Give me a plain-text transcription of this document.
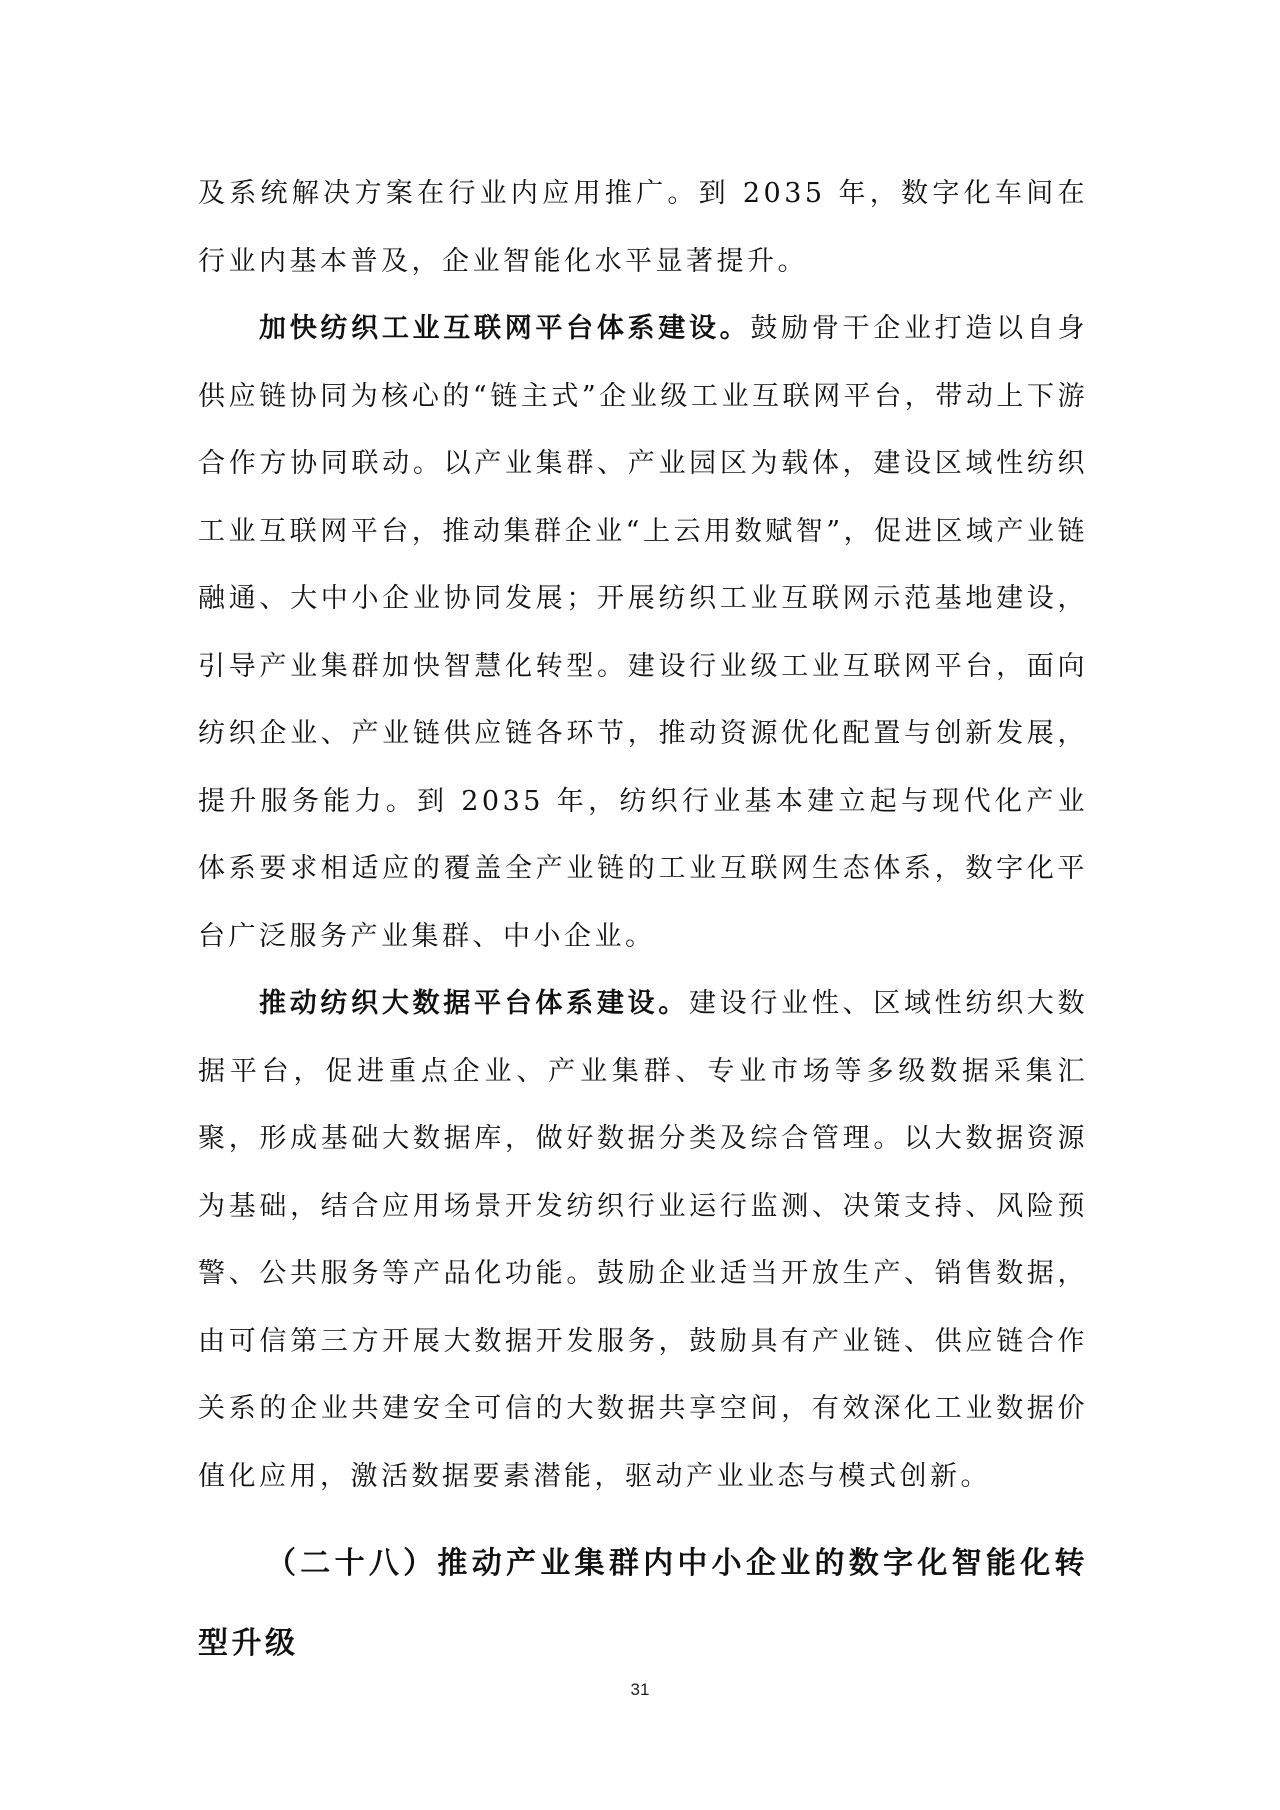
及系统解决方案在行业内应用推广。到 2035 年，数字化车间在行业内基本普及，企业智能化水平显著提升。

加快纺织工业互联网平台体系建设。鼓励骨干企业打造以自身供应链协同为核心的“链主式”企业级工业互联网平台，带动上下游合作方协同联动。以产业集群、产业园区为载体，建设区域性纺织工业互联网平台，推动集群企业“上云用数赋智”，促进区域产业链融通、大中小企业协同发展；开展纺织工业互联网示范基地建设，引导产业集群加快智慧化转型。建设行业级工业互联网平台，面向纺织企业、产业链供应链各环节，推动资源优化配置与创新发展，提升服务能力。到 2035 年，纺织行业基本建立起与现代化产业体系要求相适应的覆盖全产业链的工业互联网生态体系，数字化平台广泛服务产业集群、中小企业。

推动纺织大数据平台体系建设。建设行业性、区域性纺织大数据平台，促进重点企业、产业集群、专业市场等多级数据采集汇聚，形成基础大数据库，做好数据分类及综合管理。以大数据资源为基础，结合应用场景开发纺织行业运行监测、决策支持、风险预警、公共服务等产品化功能。鼓励企业适当开放生产、销售数据，由可信第三方开展大数据开发服务，鼓励具有产业链、供应链合作关系的企业共建安全可信的大数据共享空间，有效深化工业数据价值化应用，激活数据要素潜能，驱动产业业态与模式创新。

（二十八）推动产业集群内中小企业的数字化智能化转型升级

31
